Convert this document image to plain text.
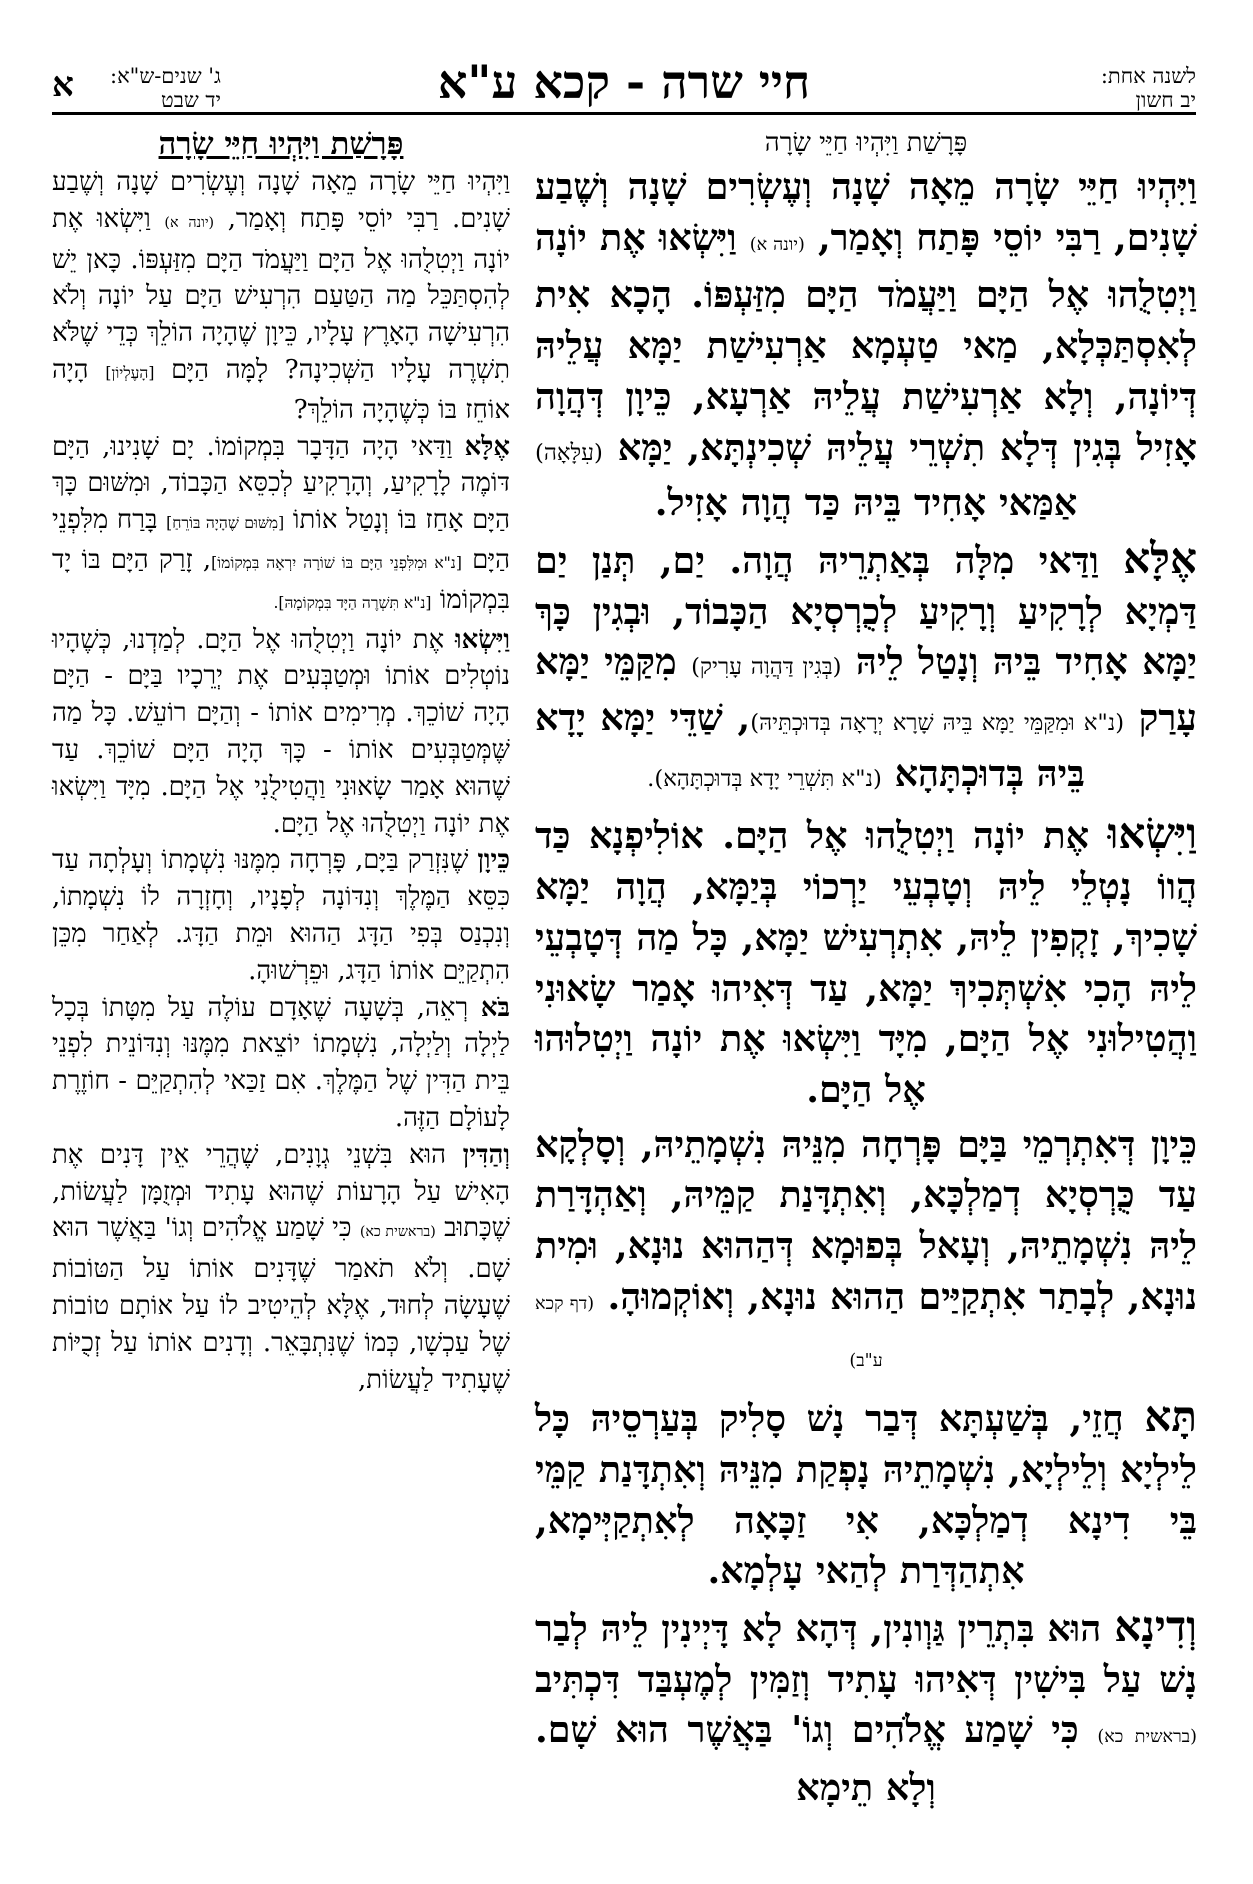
לשנה אחת:
יב חשון
חיי שרה - קכא ע"א
ג' שנים-ש"א:
יד שבט
א
פָּרָשַׁת וַיִּהְיוּ חַיֵּי שָׂרָה

וַיִּהְיוּ חַיֵּי שָׂרָה מֵאָה שָׁנָה וְעֶשְׂרִים שָׁנָה וְשֶׁבַע שָׁנִים, רַבִּי יוֹסֵי פָּתַח וְאָמַר, (יונה א) וַיִּשְׂאוּ אֶת יוֹנָה וַיְטִלֻהוּ אֶל הַיָּם וַיַּעֲמֹד הַיָּם מִזַּעְפּוֹ. הָכָא אִית לְאִסְתַּכְּלָא, מַאי טַעְמָא אַרְעִישַׁת יַמָּא עֲלֵיהּ דְּיוֹנָה, וְלָא אַרְעִישַׁת עֲלֵיהּ אַרְעָא, כֵּיוָן דְּהֲוָה אָזִיל בְּגִין דְּלָא תִשְׁרֵי עֲלֵיהּ שְׁכִינְתָּא, יַמָּא (עִלָּאָה) אַמַּאי אָחִיד בֵּיהּ כַּד הֲוָה אָזִיל.

אֶלָּא וַדַּאי מִלָּה בְּאַתְרֵיהּ הֲוָה. יַם, תְּנַן יַם דַּמְיָא לְרָקִיעַ וְרָקִיעַ לְכֻרְסְיָא הַכָּבוֹד, וּבְגִין כָּךְ יַמָּא אָחִיד בֵּיהּ וְנָטַל לֵיהּ (בְּגִין דַּהֲוָה עָרִיק) מִקַּמֵּי יַמָּא עָרַק (נ"א וּמִקַּמֵּי יַמָּא בֵּיהּ שָׁרָא יְרָאָה בְּדוּכְתֵּיהּ), שַׁדֵּי יַמָּא יָדָא בֵּיהּ בְּדוּכְתָּהָא (נ"א תִּשְׁרֵי יָדָא בְּדוּכְתָּהָא).

וַיִּשְׂאוּ אֶת יוֹנָה וַיְטִלֻהוּ אֶל הַיָּם. אוֹלִיפְנָא כַּד הֲווֹ נָטְלֵי לֵיהּ וְטָבְעֵי יַרְכוֹי בְּיַמָּא, הֲוָה יַמָּא שָׁכִיךְ, זָקְפִין לֵיהּ, אִתְרְעִישׁ יַמָּא, כָּל מַה דְּטָבְעֵי לֵיהּ הָכִי אִשְׁתְּכִיךְ יַמָּא, עַד דְּאִיהוּ אָמַר שָׂאוּנִי וַהֲטִילוּנִי אֶל הַיָּם, מִיָּד וַיִּשְׂאוּ אֶת יוֹנָה וַיְטִלוּהוּ אֶל הַיָּם.

כֵּיוָן דְּאִתְרְמֵי בַּיָּם פָּרְחָה מִנֵּיהּ נִשְׁמָתֵיהּ, וְסָלְקָא עַד כֻּרְסְיָא דְמַלְכָּא, וְאִתְדָּנַת קַמֵּיהּ, וְאַהְדָּרַת לֵיהּ נִשְׁמָתֵיהּ, וְעָאל בְּפוּמָא דְּהַהוּא נוּנָא, וּמִית נוּנָא, לְבָתַר אִתְקַיַּים הַהוּא נוּנָא, וְאוֹקְמוּהָ. (דף קכא ע"ב)

תָּא חֲזֵי, בְּשַׁעְתָּא דְּבַר נָשׁ סָלִיק בְּעַרְסֵיהּ כָּל לֵילְיָא וְלֵילְיָא, נִשְׁמָתֵיהּ נָפְקַת מִנֵּיהּ וְאִתְדָּנַת קַמֵּי בֵּי דִינָא דְמַלְכָּא, אִי זַכָּאָה לְאִתְקַיְּימָא, אִתְהַדְּרַת לְהַאי עָלְמָא.

וְדִינָא הוּא בִּתְרֵין גַּוְונִין, דְּהָא לָא דָּיְינִין לֵיהּ לְבַר נָשׁ עַל בִּישִׁין דְּאִיהוּ עָתִיד וְזַמִּין לְמֶעְבַּד דִּכְתִּיב (בראשית כא) כִּי שָׁמַע אֱלֹהִים וְגוֹ' בַּאֲשֶׁר הוּא שָׁם. וְלָא תֵימָא

פָּרָשַׁת וַיִּהְיוּ חַיֵּי שָׂרָה

וַיִּהְיוּ חַיֵּי שָׂרָה מֵאָה שָׁנָה וְעֶשְׂרִים שָׁנָה וְשֶׁבַע שָׁנִים. רַבִּי יוֹסֵי פָּתַח וְאָמַר, (יונה א) וַיִּשְׂאוּ אֶת יוֹנָה וַיְטִלֻהוּ אֶל הַיָּם וַיַּעֲמֹד הַיָּם מִזַּעְפּוֹ. כָּאן יֵשׁ לְהִסְתַּכֵּל מַה הַטַּעַם הִרְעִישׁ הַיָּם עַל יוֹנָה וְלֹא הִרְעִישָׁה הָאָרֶץ עָלָיו, כֵּיוָן שֶׁהָיָה הוֹלֵךְ כְּדֵי שֶׁלֹּא תִשְׁרֶה עָלָיו הַשְּׁכִינָה? לָמָּה הַיָּם [הָעֶלְיוֹן] הָיָה אוֹחֵז בּוֹ כְּשֶׁהָיָה הוֹלֵךְ?

אֶלָּא וַדַּאי הָיָה הַדָּבָר בִּמְקוֹמוֹ. יָם שָׁנִינוּ, הַיָּם דּוֹמֶה לָרָקִיעַ, וְהָרָקִיעַ לְכִסֵּא הַכָּבוֹד, וּמִשּׁוּם כָּךְ הַיָּם אָחַז בּוֹ וְנָטַל אוֹתוֹ [מִשּׁוּם שֶׁהָיָה בּוֹרֵחַ] בָּרַח מִלִּפְנֵי הַיָּם [נ"א וּמִלִּפְנֵי הַיָּם בּוֹ שׁוֹרָה יִרְאָה בִּמְקוֹמוֹ], זָרַק הַיָּם בּוֹ יָד בִּמְקוֹמוֹ [נ"א תִּשְׁרֶה הַיָּד בִּמְקוֹמָהּ].

וַיִּשְׂאוּ אֶת יוֹנָה וַיְטִלֻהוּ אֶל הַיָּם. לְמַדְנוּ, כְּשֶׁהָיוּ נוֹטְלִים אוֹתוֹ וּמְטַבְּעִים אֶת יְרֵכָיו בַּיָּם - הַיָּם הָיָה שׁוֹכֵךְ. מְרִימִים אוֹתוֹ - וְהַיָּם רוֹעֵשׁ. כָּל מַה שֶּׁמְּטַבְּעִים אוֹתוֹ - כָּךְ הָיָה הַיָּם שׁוֹכֵךְ. עַד שֶׁהוּא אָמַר שָׂאוּנִי וַהֲטִילֻנִי אֶל הַיָּם. מִיָּד וַיִּשְׂאוּ אֶת יוֹנָה וַיְטִלֻהוּ אֶל הַיָּם.

כֵּיוָן שֶׁנִּזְרַק בַּיָּם, פָּרְחָה מִמֶּנּוּ נִשְׁמָתוֹ וְעָלְתָה עַד כִּסֵּא הַמֶּלֶךְ וְנִדּוֹנָה לְפָנָיו, וְחָזְרָה לוֹ נִשְׁמָתוֹ, וְנִכְנַס בְּפִי הַדָּג הַהוּא וּמֵת הַדָּג. לְאַחַר מִכֵּן הִתְקַיֵּם אוֹתוֹ הַדָּג, וּפֵרְשׁוּהָ.

בֹּא רְאֵה, בְּשָׁעָה שֶׁאָדָם עוֹלֶה עַל מִטָּתוֹ בְּכָל לַיְלָה וְלַיְלָה, נִשְׁמָתוֹ יוֹצֵאת מִמֶּנּוּ וְנִדּוֹנֵית לִפְנֵי בֵּית הַדִּין שֶׁל הַמֶּלֶךְ. אִם זַכַּאי לְהִתְקַיֵּם - חוֹזֶרֶת לָעוֹלָם הַזֶּה.

וְהַדִּין הוּא בִּשְׁנֵי גְוָנִים, שֶׁהֲרֵי אֵין דָּנִים אֶת הָאִישׁ עַל הָרָעוֹת שֶׁהוּא עָתִיד וּמְזֻמָּן לַעֲשׂוֹת, שֶׁכָּתוּב (בראשית כא) כִּי שָׁמַע אֱלֹהִים וְגוֹ' בַּאֲשֶׁר הוּא שָׁם. וְלֹא תֹאמַר שֶׁדָּנִים אוֹתוֹ עַל הַטּוֹבוֹת שֶׁעָשָׂה לְחוּד, אֶלָּא לְהֵיטִיב לוֹ עַל אוֹתָם טוֹבוֹת שֶׁל עַכְשָׁו, כְּמוֹ שֶׁנִּתְבָּאֵר. וְדָנִים אוֹתוֹ עַל זְכֻיּוֹת שֶׁעָתִיד לַעֲשׂוֹת,
